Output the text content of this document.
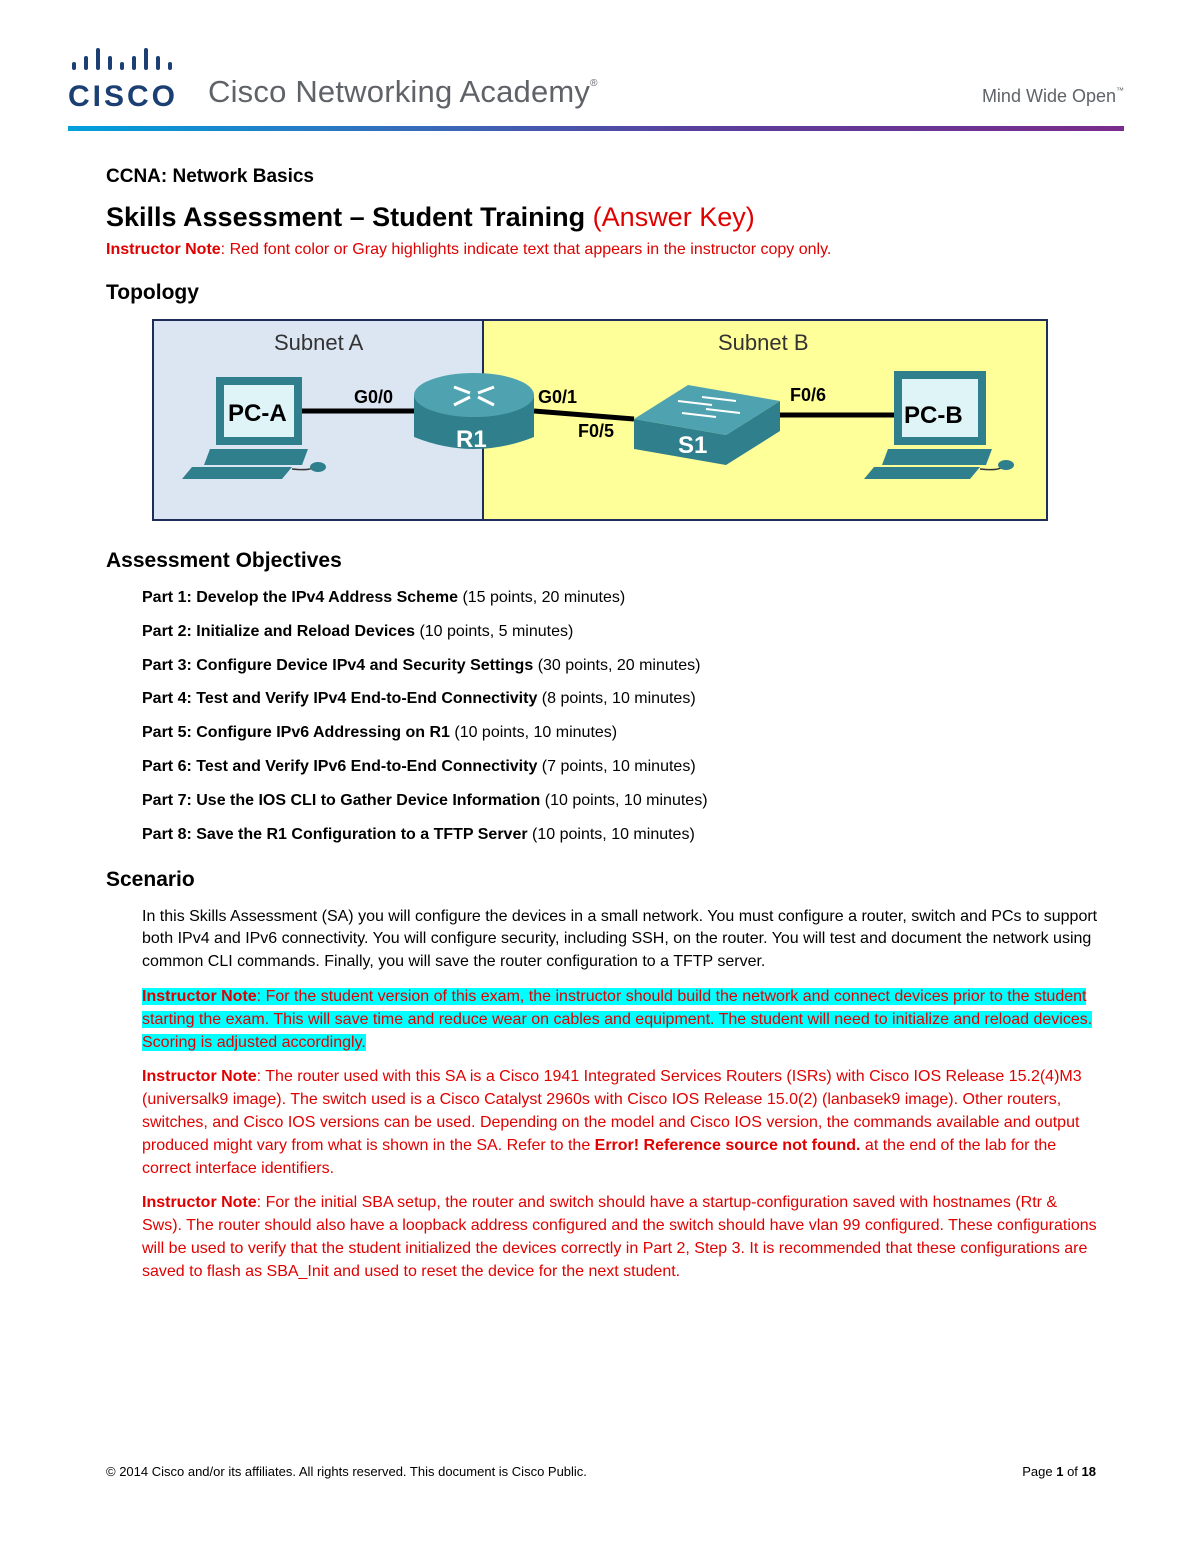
CISCO Cisco Networking Academy®
Mind Wide Open™
CCNA: Network Basics
Skills Assessment – Student Training (Answer Key)
Instructor Note: Red font color or Gray highlights indicate text that appears in the instructor copy only.
Topology
Subnet A	Subnet B
PC-A
R1	S1
PC-B
G0/0	G0/1
F0/5
F0/6
Assessment Objectives
Part 1: Develop the IPv4 Address Scheme (15 points, 20 minutes)
Part 2: Initialize and Reload Devices (10 points, 5 minutes)
Part 3: Configure Device IPv4 and Security Settings (30 points, 20 minutes)
Part 4: Test and Verify IPv4 End-to-End Connectivity (8 points, 10 minutes)
Part 5: Configure IPv6 Addressing on R1 (10 points, 10 minutes)
Part 6: Test and Verify IPv6 End-to-End Connectivity (7 points, 10 minutes)
Part 7: Use the IOS CLI to Gather Device Information (10 points, 10 minutes)
Part 8: Save the R1 Configuration to a TFTP Server (10 points, 10 minutes)
Scenario

In this Skills Assessment (SA) you will configure the devices in a small network. You must configure a router, switch and PCs to support both IPv4 and IPv6 connectivity. You will configure security, including SSH, on the router. You will test and document the network using common CLI commands. Finally, you will save the router configuration to a TFTP server.

Instructor Note: For the student version of this exam, the instructor should build the network and connect devices prior to the student starting the exam. This will save time and reduce wear on cables and equipment. The student will need to initialize and reload devices. Scoring is adjusted accordingly.

Instructor Note: The router used with this SA is a Cisco 1941 Integrated Services Routers (ISRs) with Cisco IOS Release 15.2(4)M3 (universalk9 image). The switch used is a Cisco Catalyst 2960s with Cisco IOS Release 15.0(2) (lanbasek9 image). Other routers, switches, and Cisco IOS versions can be used. Depending on the model and Cisco IOS version, the commands available and output produced might vary from what is shown in the SA. Refer to the Error! Reference source not found. at the end of the lab for the correct interface identifiers.

Instructor Note: For the initial SBA setup, the router and switch should have a startup-configuration saved with hostnames (Rtr & Sws). The router should also have a loopback address configured and the switch should have vlan 99 configured. These configurations will be used to verify that the student initialized the devices correctly in Part 2, Step 3. It is recommended that these configurations are saved to flash as SBA_Init and used to reset the device for the next student.

© 2014 Cisco and/or its affiliates. All rights reserved. This document is Cisco Public.	Page 1 of 18
